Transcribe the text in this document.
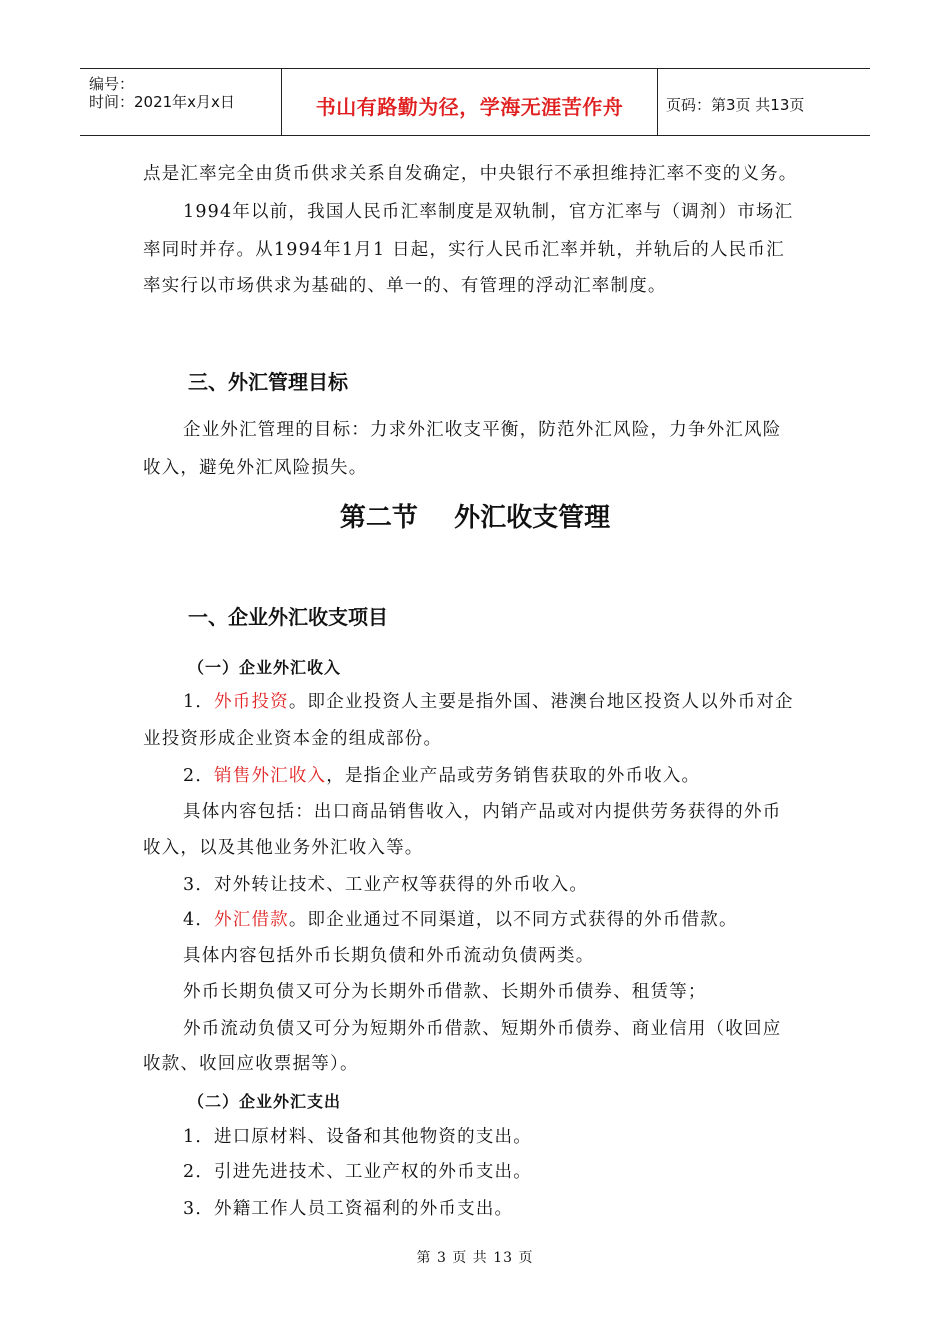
编号：
时间：2021年x月x日	书山有路勤为径，学海无涯苦作舟	页码：第3页 共13页
点是汇率完全由货币供求关系自发确定，中央银行不承担维持汇率不变的义务。
1994年以前，我国人民币汇率制度是双轨制，官方汇率与（调剂）市场汇
率同时并存。从1994年1月1 日起，实行人民币汇率并轨，并轨后的人民币汇
率实行以市场供求为基础的、单一的、有管理的浮动汇率制度。
三、外汇管理目标
企业外汇管理的目标：力求外汇收支平衡，防范外汇风险，力争外汇风险
收入，避免外汇风险损失。
第二节    外汇收支管理
一、企业外汇收支项目
（一）企业外汇收入
1．外币投资。即企业投资人主要是指外国、港澳台地区投资人以外币对企
业投资形成企业资本金的组成部份。
2．销售外汇收入，是指企业产品或劳务销售获取的外币收入。
具体内容包括：出口商品销售收入，内销产品或对内提供劳务获得的外币
收入，以及其他业务外汇收入等。
3．对外转让技术、工业产权等获得的外币收入。
4．外汇借款。即企业通过不同渠道，以不同方式获得的外币借款。
具体内容包括外币长期负债和外币流动负债两类。
外币长期负债又可分为长期外币借款、长期外币债券、租赁等；
外币流动负债又可分为短期外币借款、短期外币债券、商业信用（收回应
收款、收回应收票据等）。
（二）企业外汇支出
1．进口原材料、设备和其他物资的支出。
2．引进先进技术、工业产权的外币支出。
3．外籍工作人员工资福利的外币支出。
第 3 页 共 13 页
